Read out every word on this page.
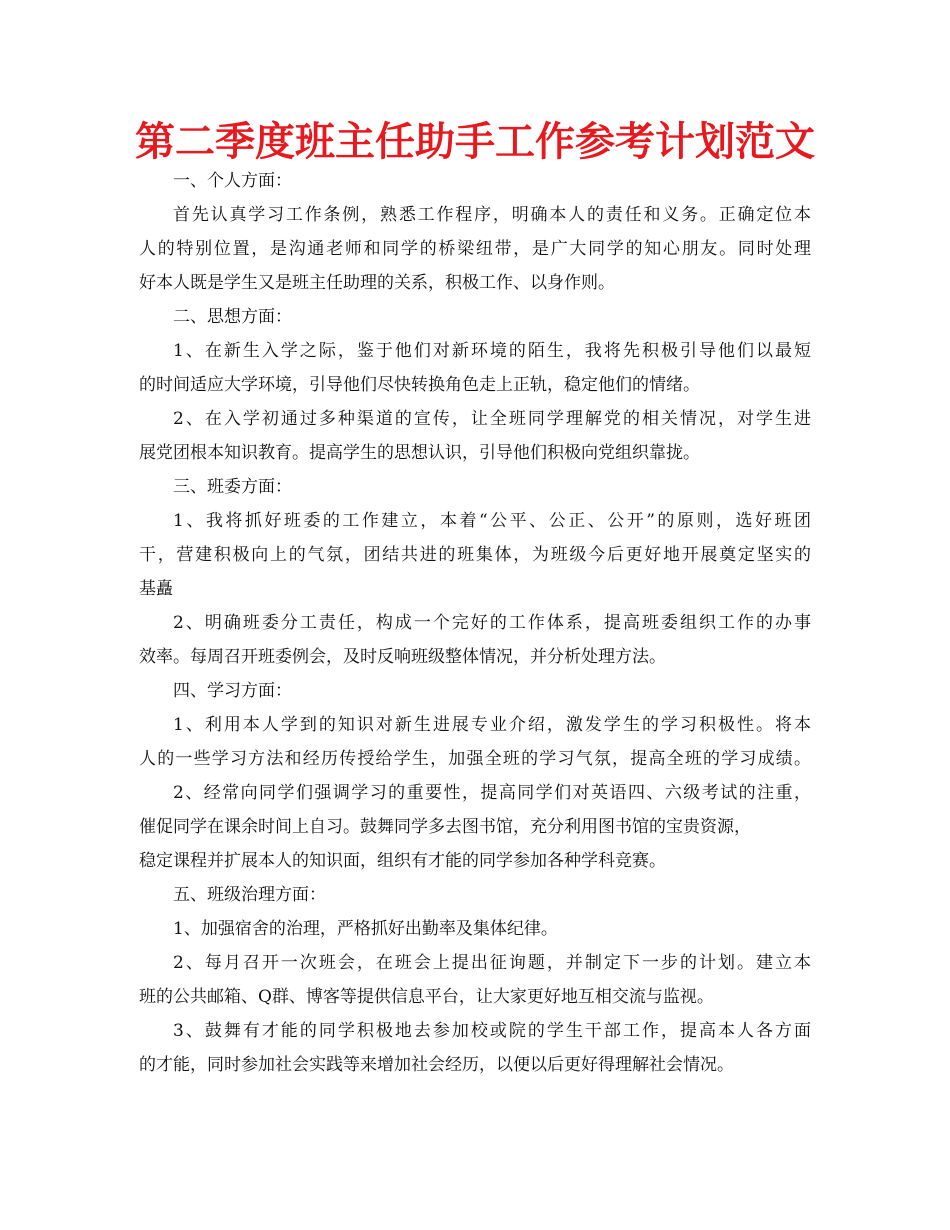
第二季度班主任助手工作参考计划范文
一、个人方面：
首先认真学习工作条例，熟悉工作程序，明确本人的责任和义务。正确定位本
人的特别位置，是沟通老师和同学的桥梁纽带，是广大同学的知心朋友。同时处理
好本人既是学生又是班主任助理的关系，积极工作、以身作则。
二、思想方面：
1、在新生入学之际，鉴于他们对新环境的陌生，我将先积极引导他们以最短
的时间适应大学环境，引导他们尽快转换角色走上正轨，稳定他们的情绪。
2、在入学初通过多种渠道的宣传，让全班同学理解党的相关情况，对学生进
展党团根本知识教育。提高学生的思想认识，引导他们积极向党组织靠拢。
三、班委方面：
1、我将抓好班委的工作建立，本着“公平、公正、公开”的原则，选好班团
干，营建积极向上的气氛，团结共进的班集体，为班级今后更好地开展奠定坚实的
基矗
2、明确班委分工责任，构成一个完好的工作体系，提高班委组织工作的办事
效率。每周召开班委例会，及时反响班级整体情况，并分析处理方法。
四、学习方面：
1、利用本人学到的知识对新生进展专业介绍，激发学生的学习积极性。将本
人的一些学习方法和经历传授给学生，加强全班的学习气氛，提高全班的学习成绩。
2、经常向同学们强调学习的重要性，提高同学们对英语四、六级考试的注重，
催促同学在课余时间上自习。鼓舞同学多去图书馆，充分利用图书馆的宝贵资源，
稳定课程并扩展本人的知识面，组织有才能的同学参加各种学科竞赛。
五、班级治理方面：
1、加强宿舍的治理，严格抓好出勤率及集体纪律。
2、每月召开一次班会，在班会上提出征询题，并制定下一步的计划。建立本
班的公共邮箱、Q群、博客等提供信息平台，让大家更好地互相交流与监视。
3、鼓舞有才能的同学积极地去参加校或院的学生干部工作，提高本人各方面
的才能，同时参加社会实践等来增加社会经历，以便以后更好得理解社会情况。
